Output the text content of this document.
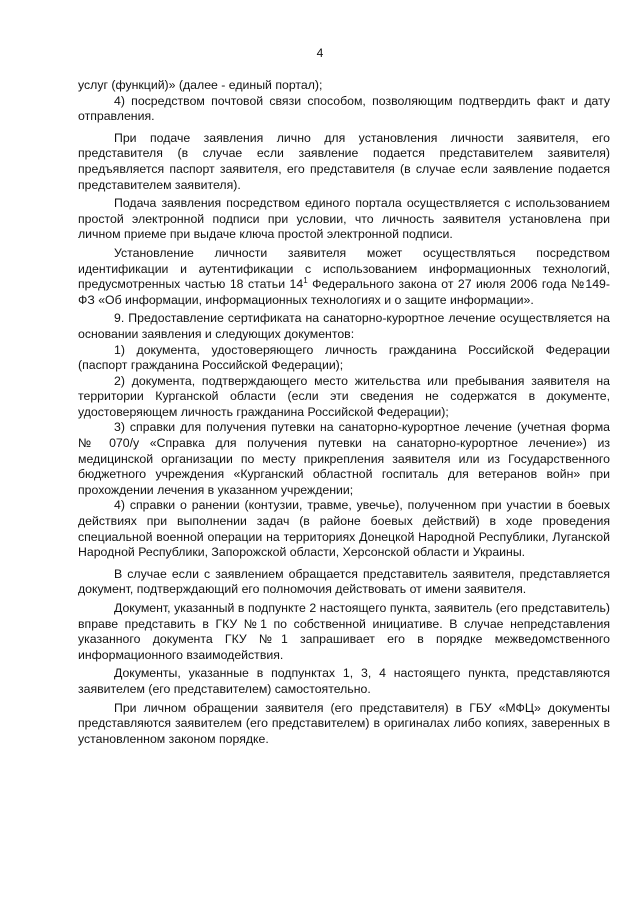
4

услуг (функций)» (далее - единый портал);

4) посредством почтовой связи способом, позволяющим подтвердить факт и дату отправления.

При подаче заявления лично для установления личности заявителя, его представителя (в случае если заявление подается представителем заявителя) предъявляется паспорт заявителя, его представителя (в случае если заявление подается представителем заявителя).

Подача заявления посредством единого портала осуществляется с использованием простой электронной подписи при условии, что личность заявителя установлена при личном приеме при выдаче ключа простой электронной подписи.

Установление личности заявителя может осуществляться посредством идентификации и аутентификации с использованием информационных технологий, предусмотренных частью 18 статьи $14^1$ Федерального закона от 27 июля 2006 года №149-ФЗ «Об информации, информационных технологиях и о защите информации».

9. Предоставление сертификата на санаторно-курортное лечение осуществляется на основании заявления и следующих документов:

1) документа, удостоверяющего личность гражданина Российской Федерации (паспорт гражданина Российской Федерации);

2) документа, подтверждающего место жительства или пребывания заявителя на территории Курганской области (если эти сведения не содержатся в документе, удостоверяющем личность гражданина Российской Федерации);

3) справки для получения путевки на санаторно-курортное лечение (учетная форма № 070/у «Справка для получения путевки на санаторно-курортное лечение») из медицинской организации по месту прикрепления заявителя или из Государственного бюджетного учреждения «Курганский областной госпиталь для ветеранов войн» при прохождении лечения в указанном учреждении;

4) справки о ранении (контузии, травме, увечье), полученном при участии в боевых действиях при выполнении задач (в районе боевых действий) в ходе проведения специальной военной операции на территориях Донецкой Народной Республики, Луганской Народной Республики, Запорожской области, Херсонской области и Украины.

В случае если с заявлением обращается представитель заявителя, представляется документ, подтверждающий его полномочия действовать от имени заявителя.

Документ, указанный в подпункте 2 настоящего пункта, заявитель (его представитель) вправе представить в ГКУ №1 по собственной инициативе. В случае непредставления указанного документа ГКУ №1 запрашивает его в порядке межведомственного информационного взаимодействия.

Документы, указанные в подпунктах 1, 3, 4 настоящего пункта, представляются заявителем (его представителем) самостоятельно.

При личном обращении заявителя (его представителя) в ГБУ «МФЦ» документы представляются заявителем (его представителем) в оригиналах либо копиях, заверенных в установленном законом порядке.
